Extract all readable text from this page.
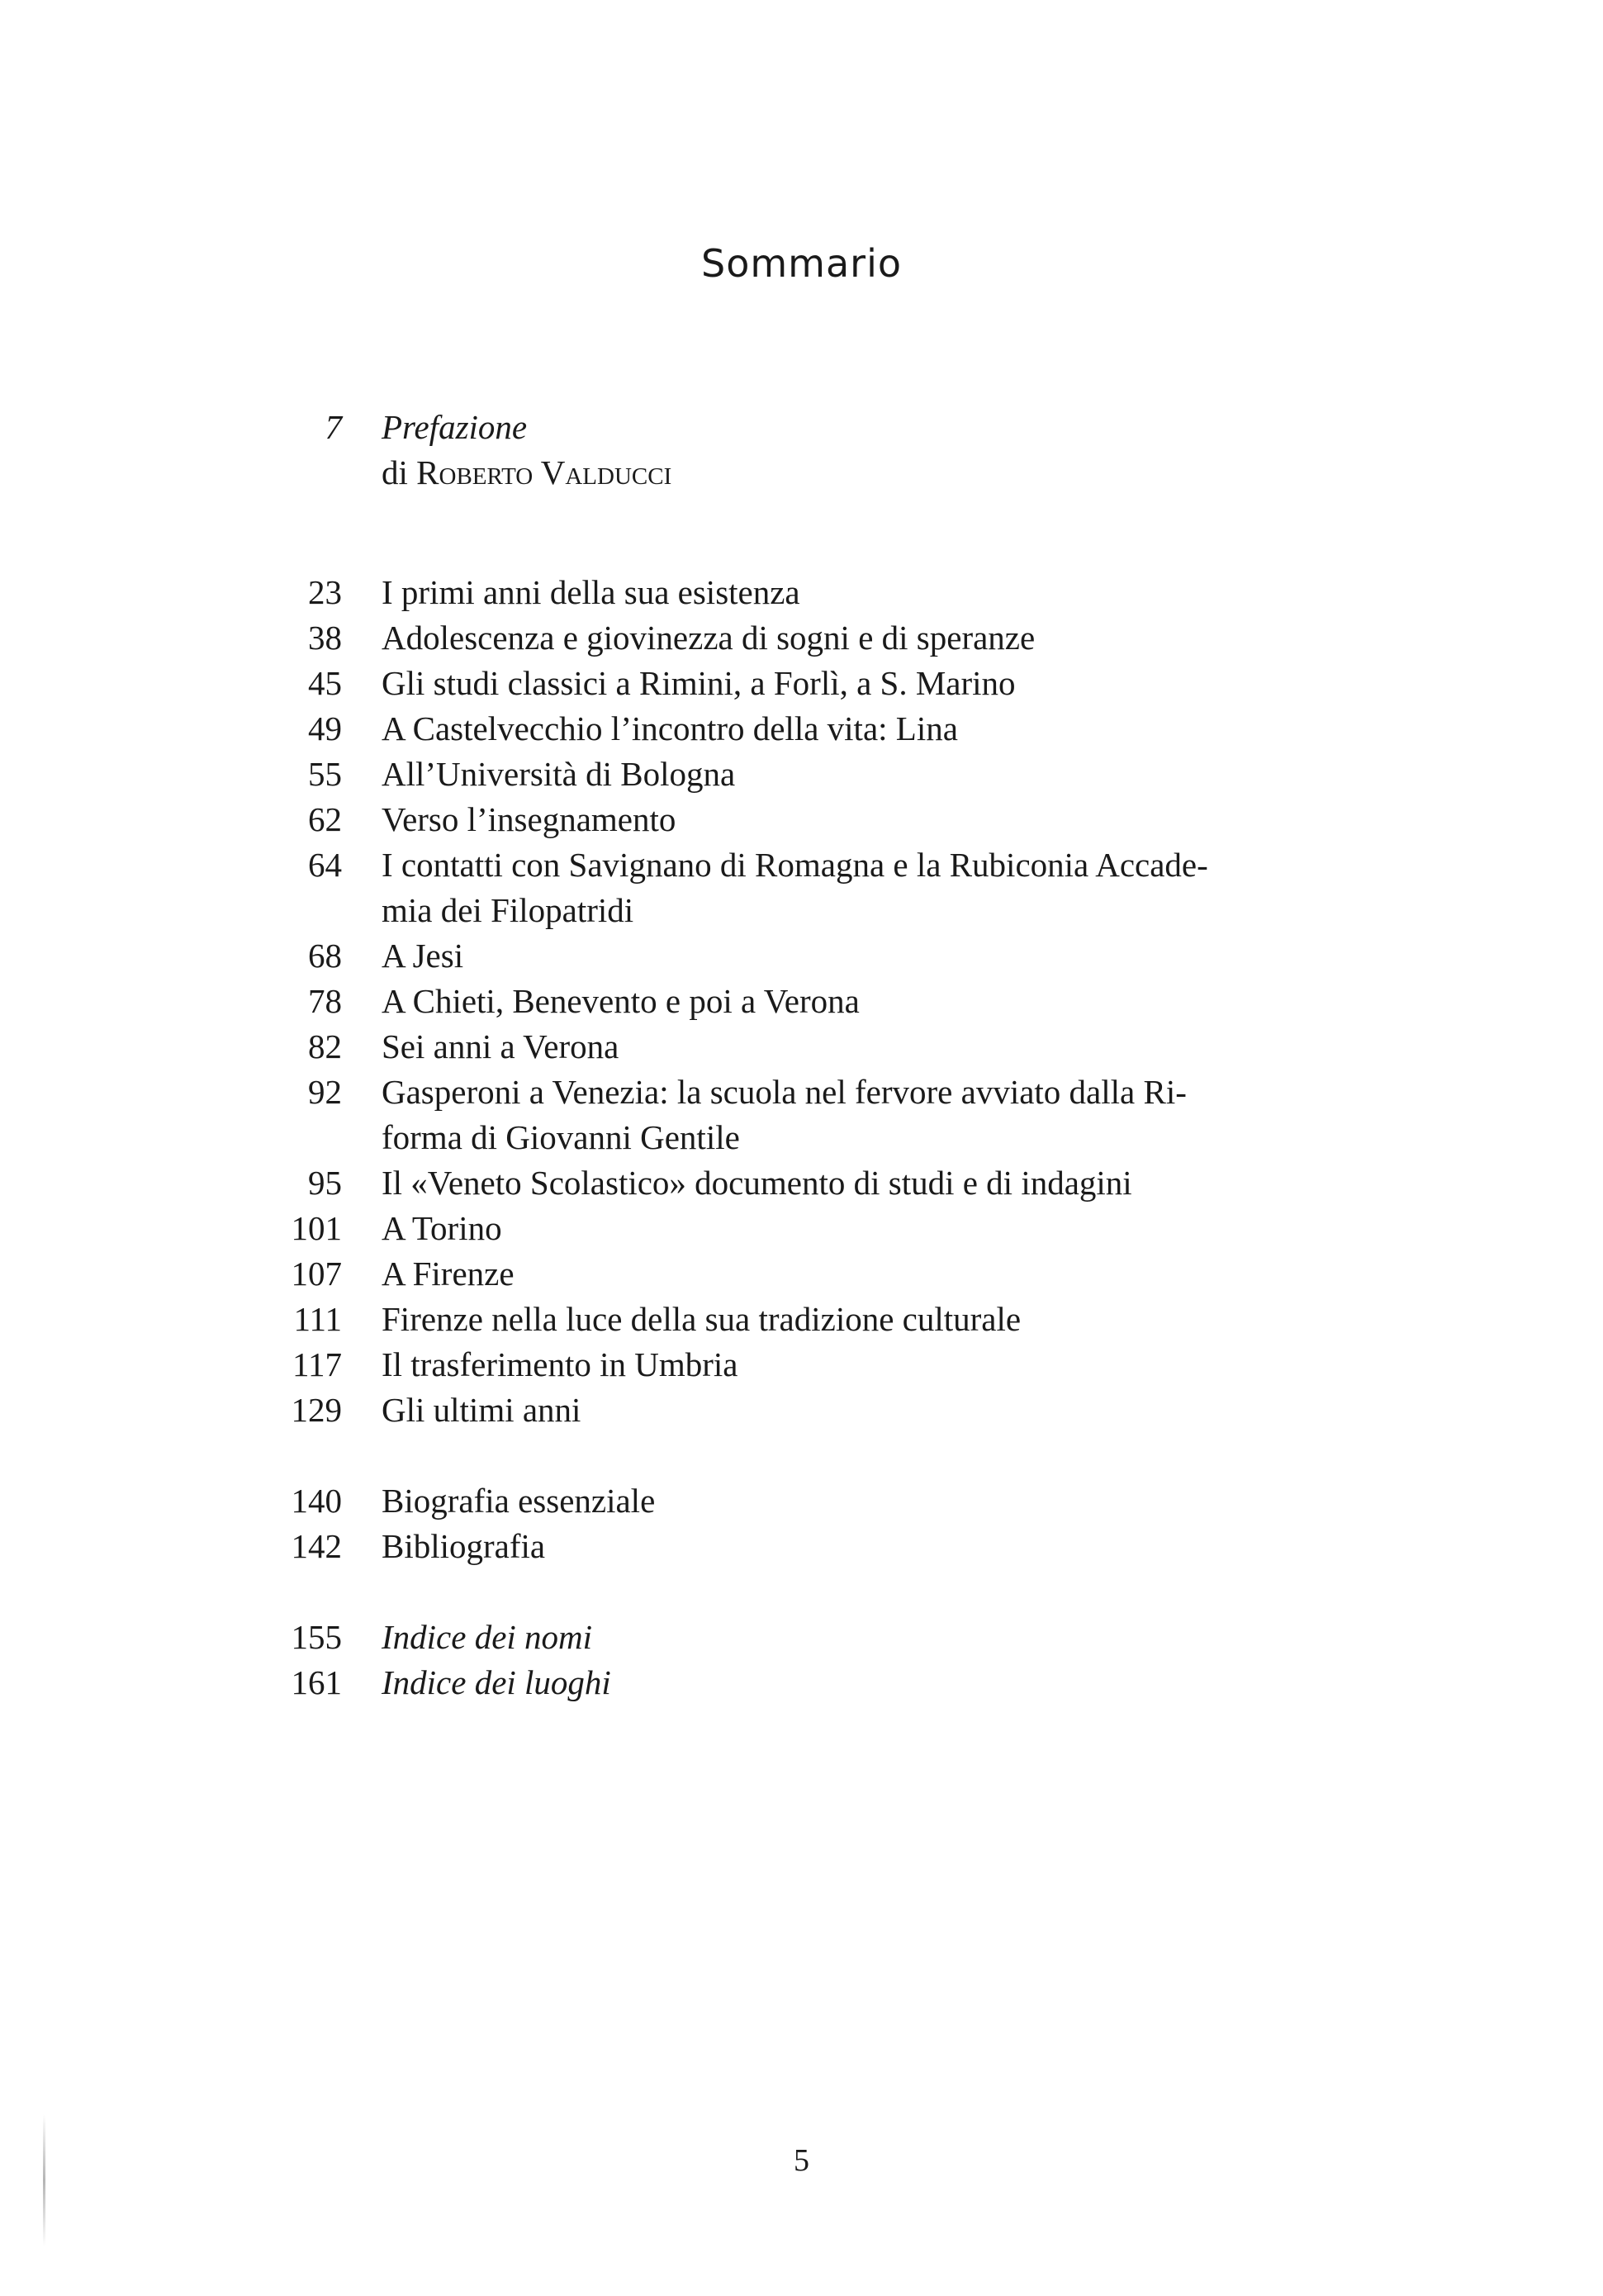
Sommario
7 Prefazione
di Roberto Valducci
23 I primi anni della sua esistenza
38 Adolescenza e giovinezza di sogni e di speranze
45 Gli studi classici a Rimini, a Forlì, a S. Marino
49 A Castelvecchio l’incontro della vita: Lina
55 All’Università di Bologna
62 Verso l’insegnamento
64 I contatti con Savignano di Romagna e la Rubiconia Accade-
mia dei Filopatridi
68 A Jesi
78 A Chieti, Benevento e poi a Verona
82 Sei anni a Verona
92 Gasperoni a Venezia: la scuola nel fervore avviato dalla Ri-
forma di Giovanni Gentile
95 Il «Veneto Scolastico» documento di studi e di indagini
101 A Torino
107 A Firenze
111 Firenze nella luce della sua tradizione culturale
117 Il trasferimento in Umbria
129 Gli ultimi anni
140 Biografia essenziale
142 Bibliografia
155 Indice dei nomi
161 Indice dei luoghi
5
